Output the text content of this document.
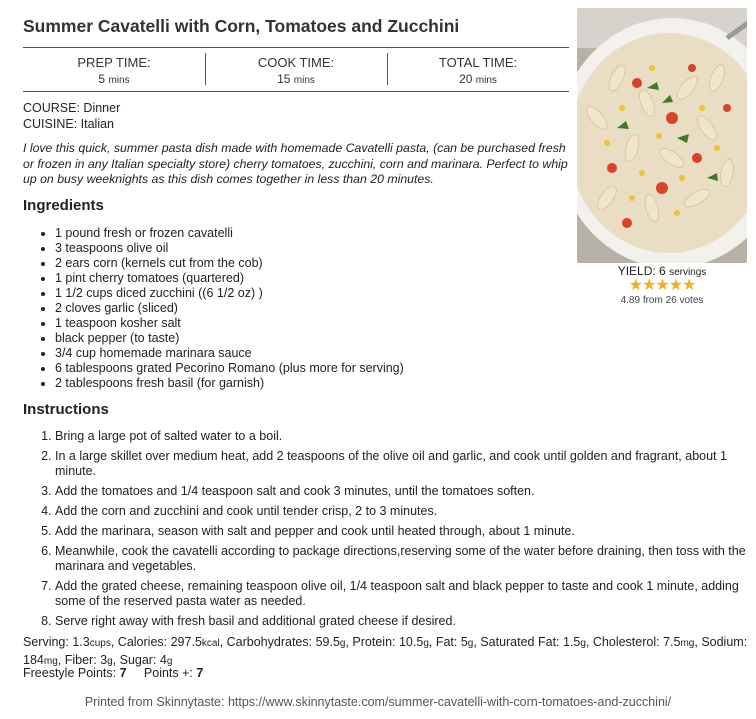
Summer Cavatelli with Corn, Tomatoes and Zucchini
PREP TIME:
5 mins
COOK TIME:
15 mins
TOTAL TIME:
20 mins
COURSE: Dinner
CUISINE: Italian

I love this quick, summer pasta dish made with homemade Cavatelli pasta, (can be purchased fresh or frozen in any Italian specialty store) cherry tomatoes, zucchini, corn and marinara. Perfect to whip up on busy weeknights as this dish comes together in less than 20 minutes.

YIELD: 6 servings
★★★★★
4.89 from 26 votes
Ingredients
• 1 pound fresh or frozen cavatelli
• 3 teaspoons olive oil
• 2 ears corn (kernels cut from the cob)
• 1 pint cherry tomatoes (quartered)
• 1 1/2 cups diced zucchini ((6 1/2 oz) )
• 2 cloves garlic (sliced)
• 1 teaspoon kosher salt
• black pepper (to taste)
• 3/4 cup homemade marinara sauce
• 6 tablespoons grated Pecorino Romano (plus more for serving)
• 2 tablespoons fresh basil (for garnish)
Instructions
1. Bring a large pot of salted water to a boil.
2. In a large skillet over medium heat, add 2 teaspoons of the olive oil and garlic, and cook until golden and fragrant, about 1 minute.
3. Add the tomatoes and 1/4 teaspoon salt and cook 3 minutes, until the tomatoes soften.
4. Add the corn and zucchini and cook until tender crisp, 2 to 3 minutes.
5. Add the marinara, season with salt and pepper and cook until heated through, about 1 minute.
6. Meanwhile, cook the cavatelli according to package directions,reserving some of the water before draining, then toss with the marinara and vegetables.
7. Add the grated cheese, remaining teaspoon olive oil, 1/4 teaspoon salt and black pepper to taste and cook 1 minute, adding some of the reserved pasta water as needed.
8. Serve right away with fresh basil and additional grated cheese if desired.
Serving: 1.3cups, Calories: 297.5kcal, Carbohydrates: 59.5g, Protein: 10.5g, Fat: 5g, Saturated Fat: 1.5g, Cholesterol: 7.5mg, Sodium: 184mg, Fiber: 3g, Sugar: 4g
Freestyle Points: 7 Points +: 7
Printed from Skinnytaste: https://www.skinnytaste.com/summer-cavatelli-with-corn-tomatoes-and-zucchini/
